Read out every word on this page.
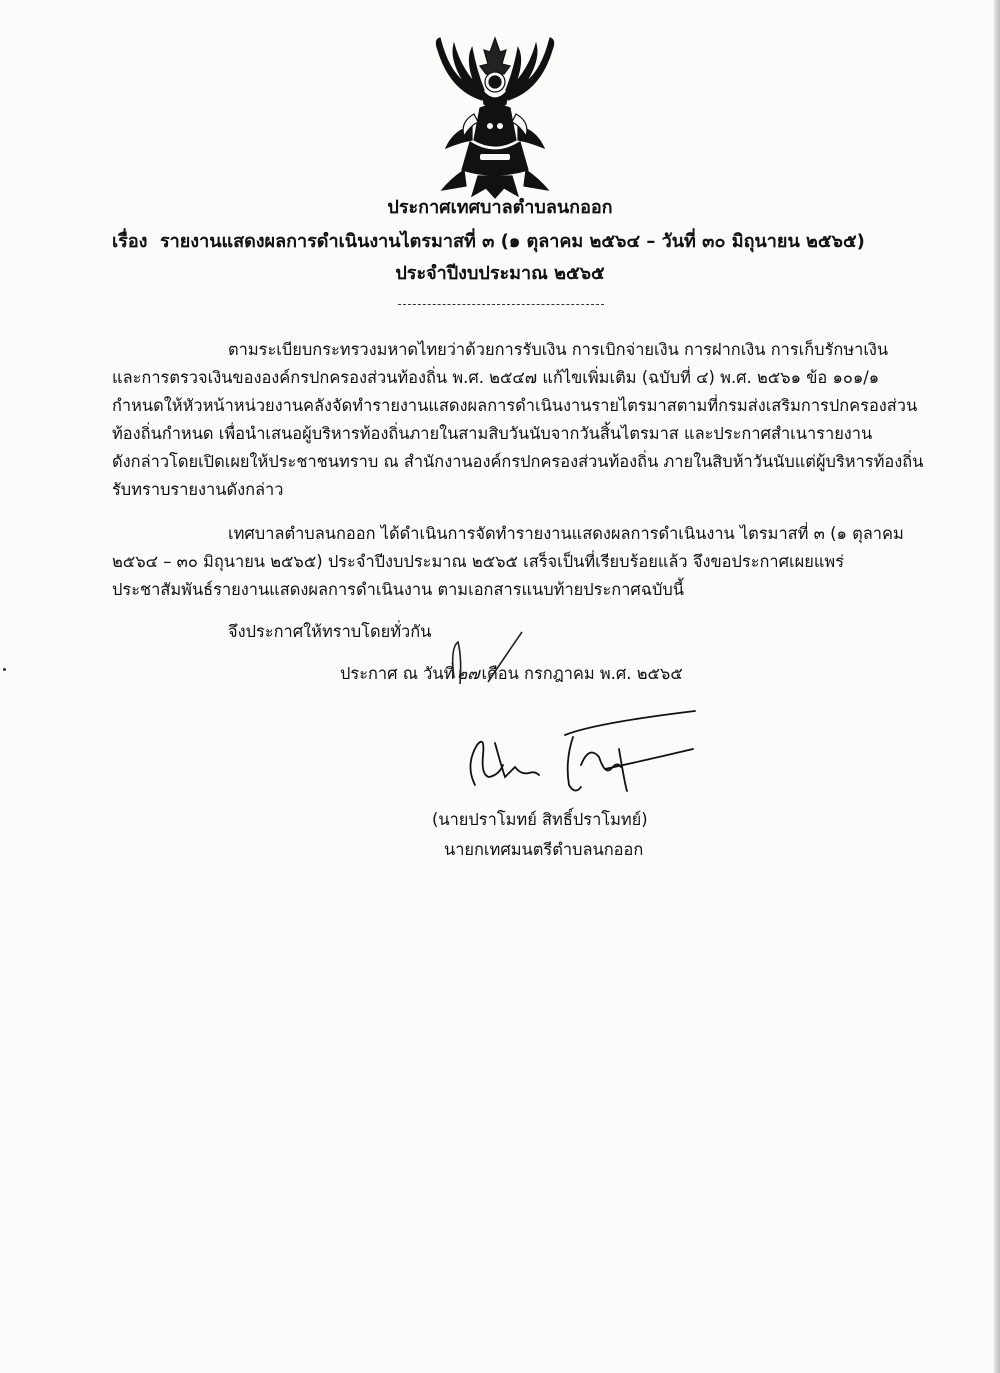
ประกาศเทศบาลตำบลนกออก
เรื่อง รายงานแสดงผลการดำเนินงานไตรมาสที่ ๓ (๑ ตุลาคม ๒๕๖๔ – วันที่ ๓๐ มิถุนายน ๒๕๖๕)
ประจำปีงบประมาณ ๒๕๖๕
ตามระเบียบกระทรวงมหาดไทยว่าด้วยการรับเงิน การเบิกจ่ายเงิน การฝากเงิน การเก็บรักษาเงิน
และการตรวจเงินขององค์กรปกครองส่วนท้องถิ่น พ.ศ. ๒๕๔๗ แก้ไขเพิ่มเติม (ฉบับที่ ๔) พ.ศ. ๒๕๖๑ ข้อ ๑๐๑/๑
กำหนดให้หัวหน้าหน่วยงานคลังจัดทำรายงานแสดงผลการดำเนินงานรายไตรมาสตามที่กรมส่งเสริมการปกครองส่วน
ท้องถิ่นกำหนด เพื่อนำเสนอผู้บริหารท้องถิ่นภายในสามสิบวันนับจากวันสิ้นไตรมาส และประกาศสำเนารายงาน
ดังกล่าวโดยเปิดเผยให้ประชาชนทราบ ณ สำนักงานองค์กรปกครองส่วนท้องถิ่น ภายในสิบห้าวันนับแต่ผู้บริหารท้องถิ่น
รับทราบรายงานดังกล่าว
เทศบาลตำบลนกออก ได้ดำเนินการจัดทำรายงานแสดงผลการดำเนินงาน ไตรมาสที่ ๓ (๑ ตุลาคม
๒๕๖๔ – ๓๐ มิถุนายน ๒๕๖๕) ประจำปีงบประมาณ ๒๕๖๕ เสร็จเป็นที่เรียบร้อยแล้ว จึงขอประกาศเผยแพร่
ประชาสัมพันธ์รายงานแสดงผลการดำเนินงาน ตามเอกสารแนบท้ายประกาศฉบับนี้
จึงประกาศให้ทราบโดยทั่วกัน
ประกาศ ณ วันที่ ๒๗ เดือน กรกฎาคม พ.ศ. ๒๕๖๕
(นายปราโมทย์ สิทธิ์ปราโมทย์)
นายกเทศมนตรีตำบลนกออก
